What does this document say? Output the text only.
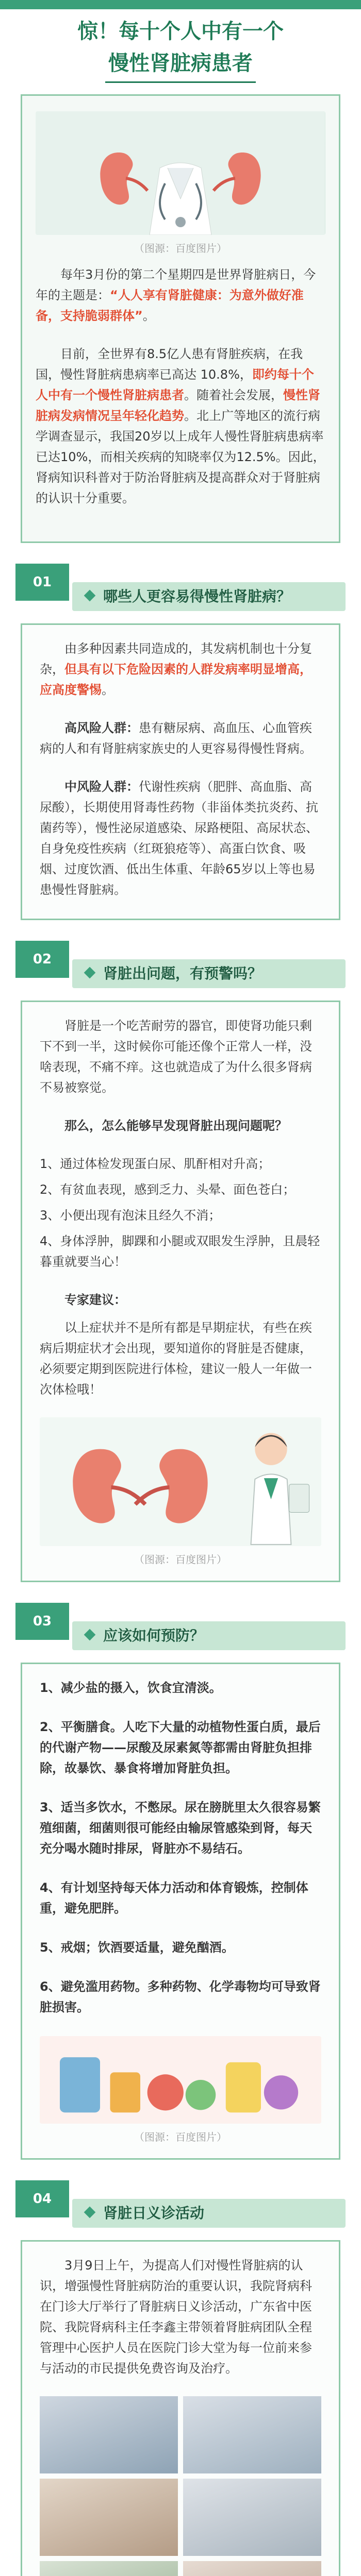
惊！每十个人中有一个
慢性肾脏病患者
（图源：百度图片）

每年3月份的第二个星期四是世界肾脏病日，今年的主题是：“人人享有肾脏健康：为意外做好准备，支持脆弱群体”。

目前，全世界有8.5亿人患有肾脏疾病，在我国，慢性肾脏病患病率已高达 10.8%，即约每十个人中有一个慢性肾脏病患者。随着社会发展，慢性肾脏病发病情况呈年轻化趋势。北上广等地区的流行病学调查显示，我国20岁以上成年人慢性肾脏病患病率已达10%，而相关疾病的知晓率仅为12.5%。因此，肾病知识科普对于防治肾脏病及提高群众对于肾脏病的认识十分重要。

01
哪些人更容易得慢性肾脏病？

由多种因素共同造成的，其发病机制也十分复杂，但具有以下危险因素的人群发病率明显增高，应高度警惕。

高风险人群：患有糖尿病、高血压、心血管疾病的人和有肾脏病家族史的人更容易得慢性肾病。

中风险人群：代谢性疾病（肥胖、高血脂、高尿酸），长期使用肾毒性药物（非甾体类抗炎药、抗菌药等），慢性泌尿道感染、尿路梗阻、高尿状态、自身免疫性疾病（红斑狼疮等）、高蛋白饮食、吸烟、过度饮酒、低出生体重、年龄65岁以上等也易患慢性肾脏病。

02
肾脏出问题，有预警吗？

肾脏是一个吃苦耐劳的器官，即使肾功能只剩下不到一半，这时候你可能还像个正常人一样，没啥表现，不痛不痒。这也就造成了为什么很多肾病不易被察觉。

那么，怎么能够早发现肾脏出现问题呢？

1、通过体检发现蛋白尿、肌酐相对升高；

2、有贫血表现，感到乏力、头晕、面色苍白；

3、小便出现有泡沫且经久不消；

4、身体浮肿，脚踝和小腿或双眼发生浮肿，且晨轻暮重就要当心！

专家建议：

以上症状并不是所有都是早期症状，有些在疾病后期症状才会出现，要知道你的肾脏是否健康，必须要定期到医院进行体检，建议一般人一年做一次体检哦！

（图源：百度图片）
03
应该如何预防？

1、减少盐的摄入，饮食宜清淡。

2、平衡膳食。人吃下大量的动植物性蛋白质，最后的代谢产物——尿酸及尿素氮等都需由肾脏负担排除，故暴饮、暴食将增加肾脏负担。

3、适当多饮水，不憋尿。尿在膀胱里太久很容易繁殖细菌，细菌则很可能经由输尿管感染到肾，每天充分喝水随时排尿，肾脏亦不易结石。

4、有计划坚持每天体力活动和体育锻炼，控制体重，避免肥胖。

5、戒烟；饮酒要适量，避免酗酒。

6、避免滥用药物。多种药物、化学毒物均可导致肾脏损害。

（图源：百度图片）
04
肾脏日义诊活动

3月9日上午，为提高人们对慢性肾脏病的认识，增强慢性肾脏病防治的重要认识，我院肾病科在门诊大厅举行了肾脏病日义诊活动，广东省中医院、我院肾病科主任李鑫主带领着肾脏病团队全程管理中心医护人员在医院门诊大堂为每一位前来参与活动的市民提供免费咨询及治疗。
